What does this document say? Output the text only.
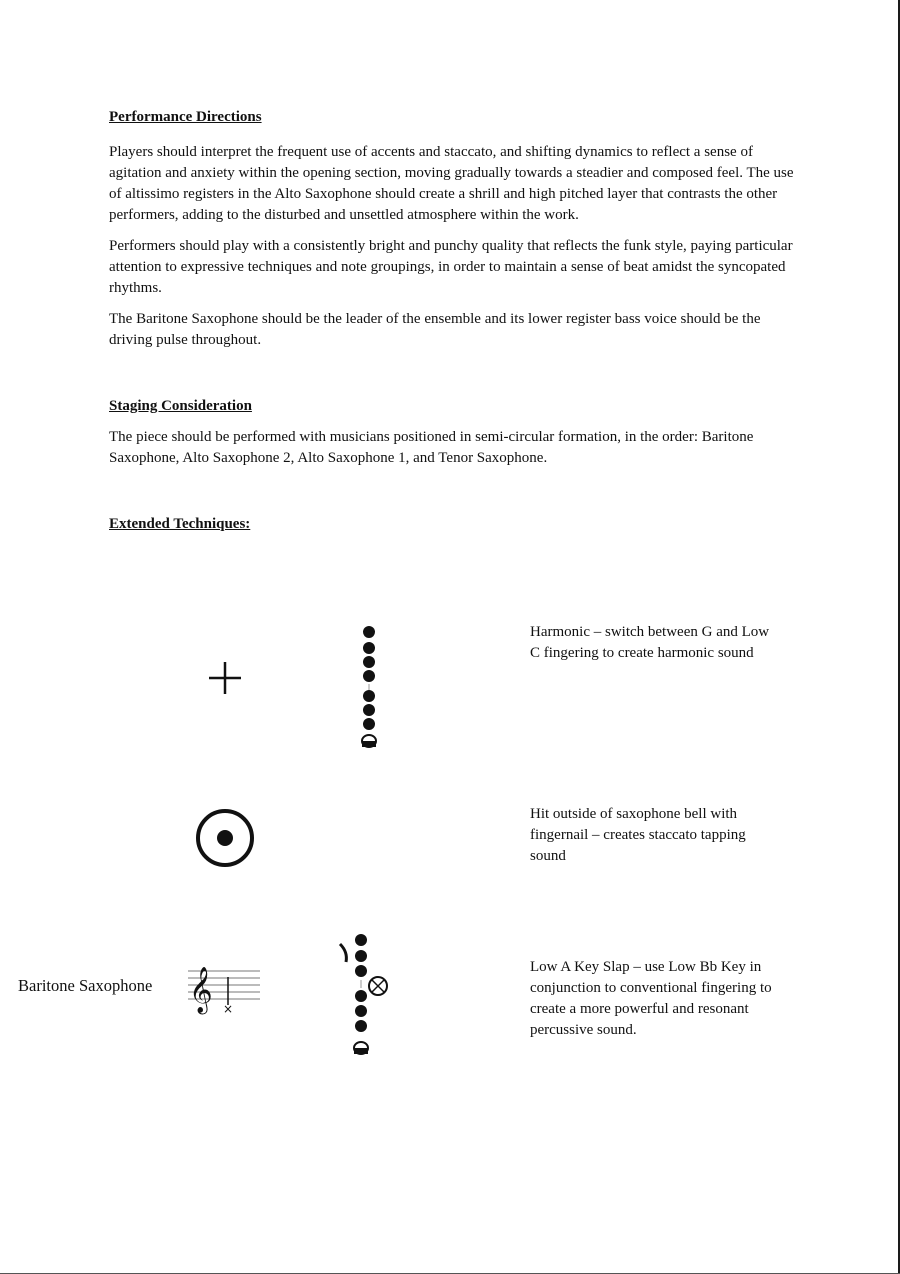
Performance Directions

Players should interpret the frequent use of accents and staccato, and shifting dynamics to reflect a sense of agitation and anxiety within the opening section, moving gradually towards a steadier and composed feel. The use of altissimo registers in the Alto Saxophone should create a shrill and high pitched layer that contrasts the other performers, adding to the disturbed and unsettled atmosphere within the work.

Performers should play with a consistently bright and punchy quality that reflects the funk style, paying particular attention to expressive techniques and note groupings, in order to maintain a sense of beat amidst the syncopated rhythms.

The Baritone Saxophone should be the leader of the ensemble and its lower register bass voice should be the driving pulse throughout.

Staging Consideration

The piece should be performed with musicians positioned in semi-circular formation, in the order: Baritone Saxophone, Alto Saxophone 2, Alto Saxophone 1, and Tenor Saxophone.

Extended Techniques:

Harmonic – switch between G and Low C fingering to create harmonic sound
Hit outside of saxophone bell with fingernail – creates staccato tapping sound
Baritone Saxophone 𝄞 ×
Low A Key Slap – use Low Bb Key in conjunction to conventional fingering to create a more powerful and resonant percussive sound.
